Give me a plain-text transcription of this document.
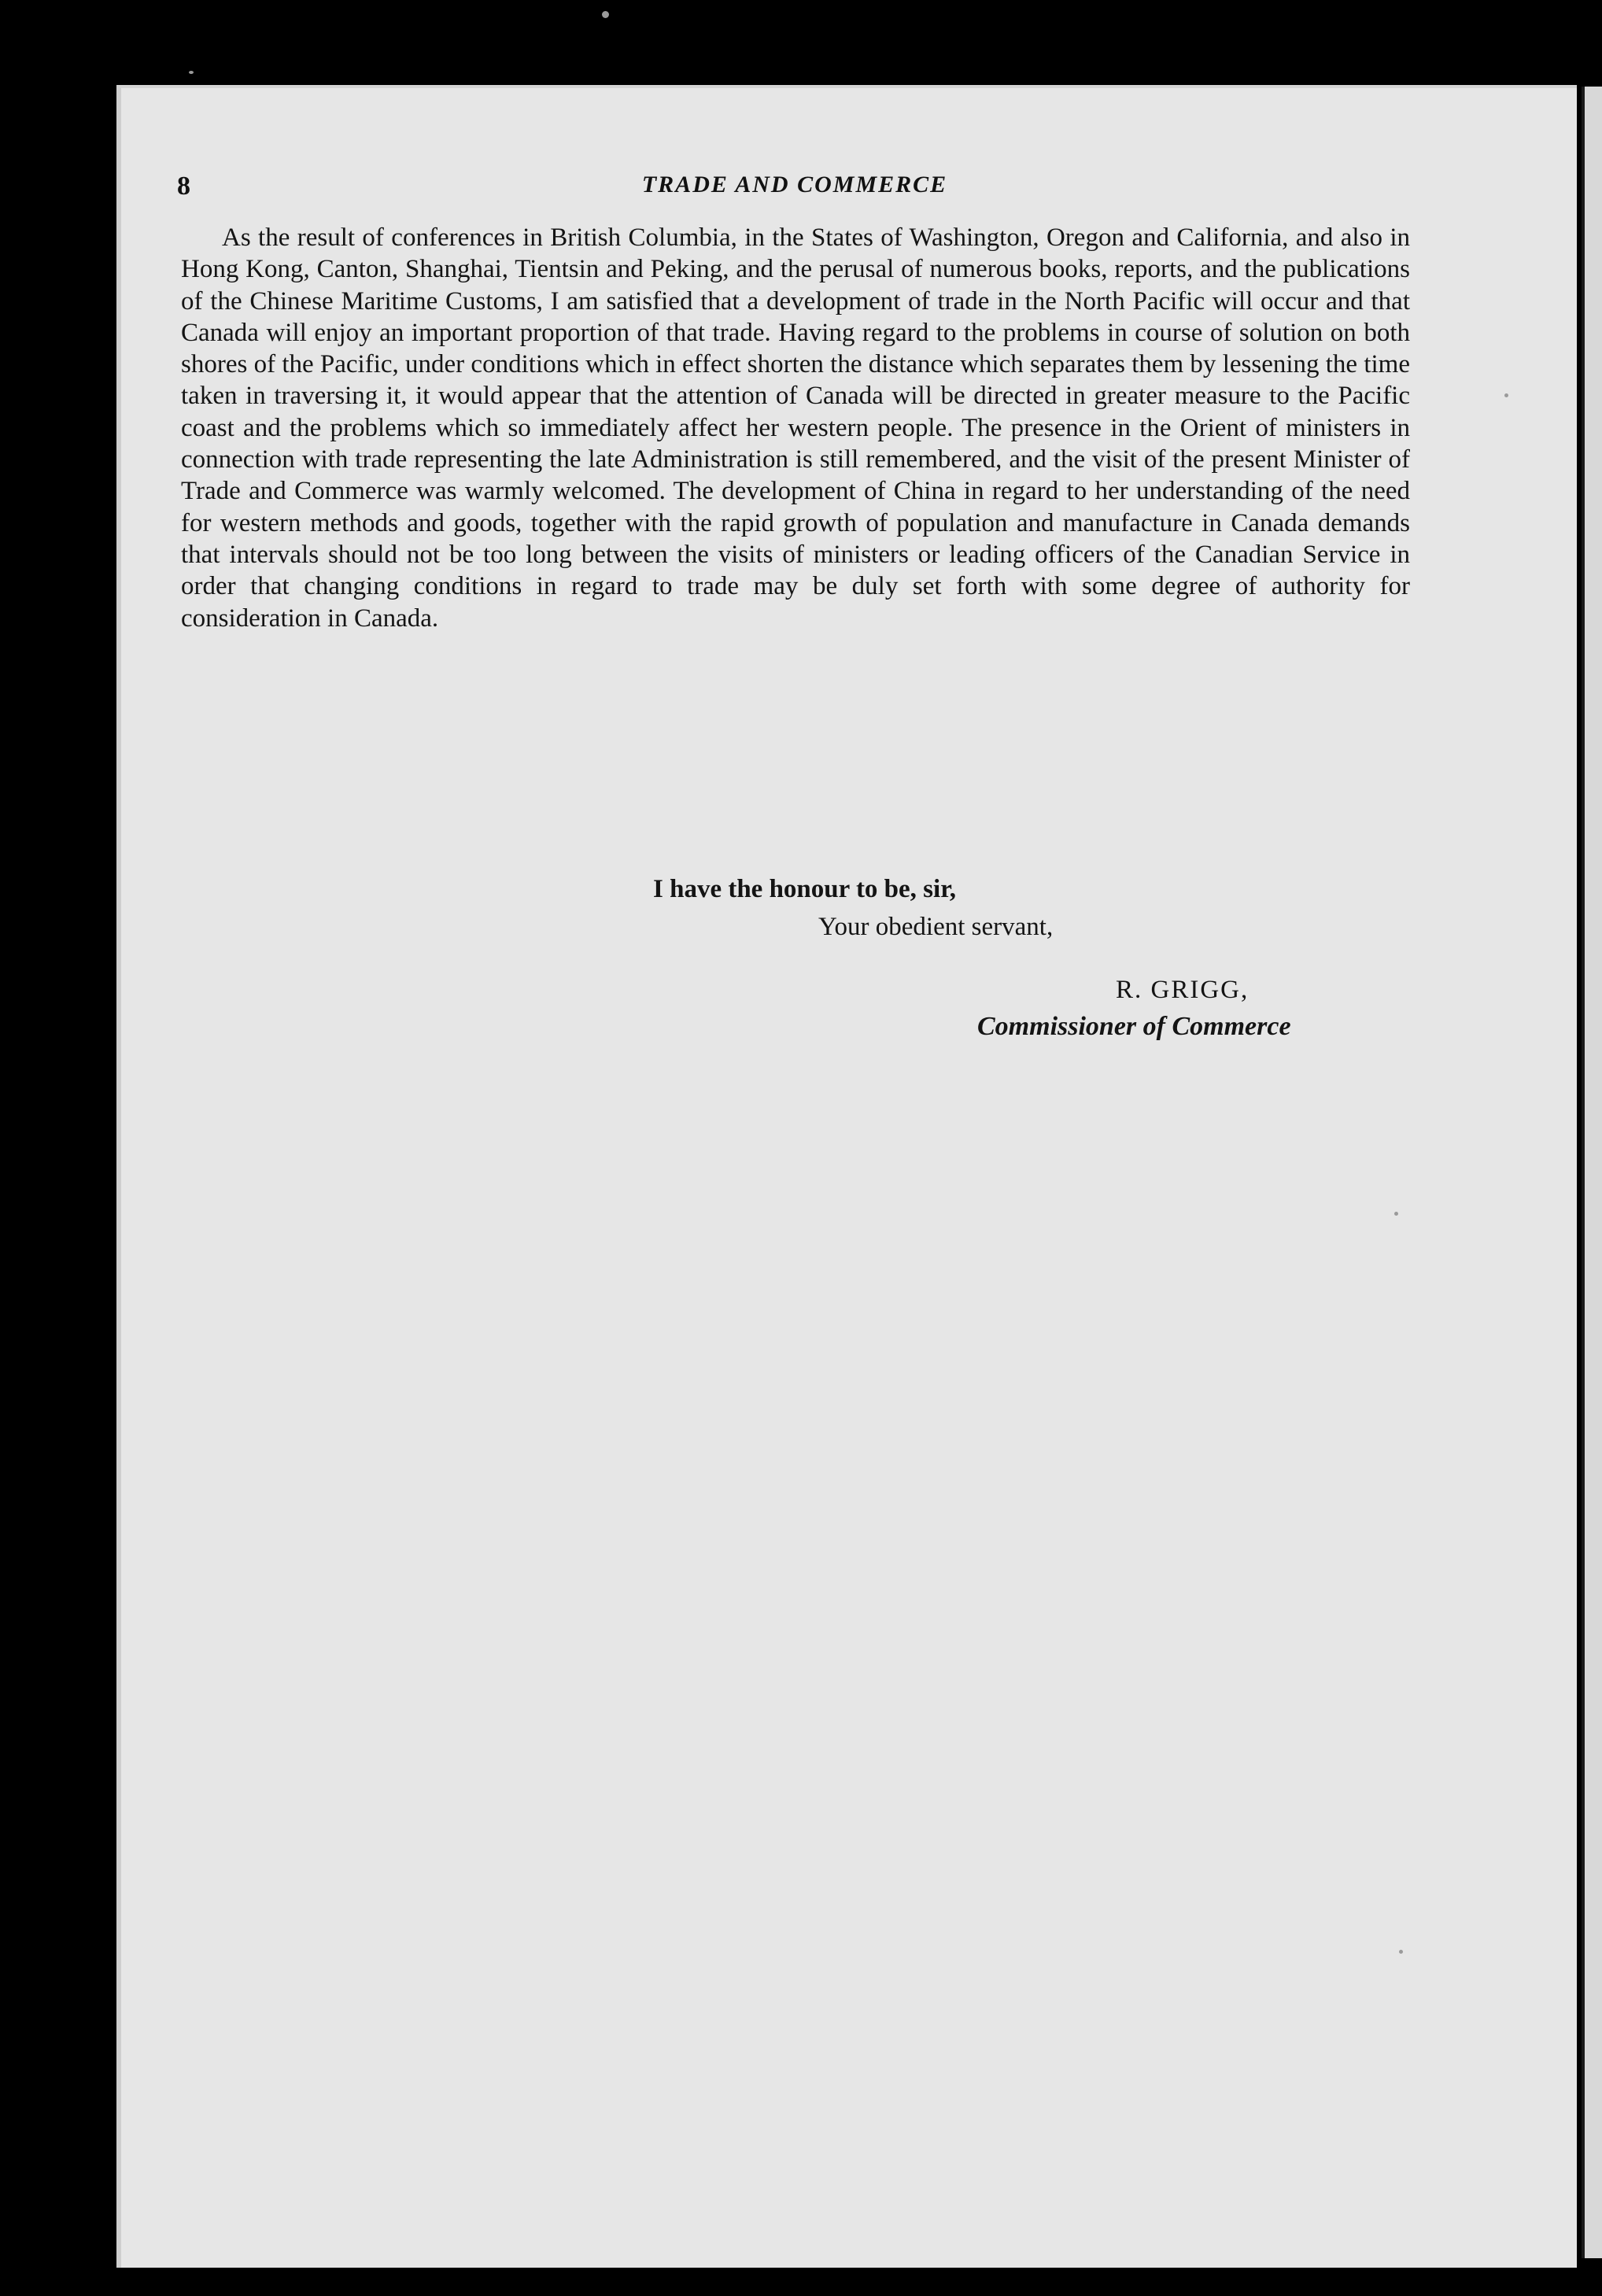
8	TRADE AND COMMERCE

As the result of conferences in British Columbia, in the States of Washington, Oregon and California, and also in Hong Kong, Canton, Shanghai, Tientsin and Peking, and the perusal of numerous books, reports, and the publications of the Chinese Maritime Customs, I am satisfied that a development of trade in the North Pacific will occur and that Canada will enjoy an important proportion of that trade. Having regard to the problems in course of solution on both shores of the Pacific, under conditions which in effect shorten the distance which separates them by lessening the time taken in traversing it, it would appear that the attention of Canada will be directed in greater measure to the Pacific coast and the problems which so immediately affect her western people. The presence in the Orient of ministers in connection with trade representing the late Administration is still remembered, and the visit of the present Minister of Trade and Commerce was warmly welcomed. The development of China in regard to her understanding of the need for western methods and goods, together with the rapid growth of population and manufacture in Canada demands that intervals should not be too long between the visits of ministers or leading officers of the Canadian Service in order that changing conditions in regard to trade may be duly set forth with some degree of authority for consideration in Canada.

I have the honour to be, sir,
Your obedient servant,
R. GRIGG,
Commissioner of Commerce
